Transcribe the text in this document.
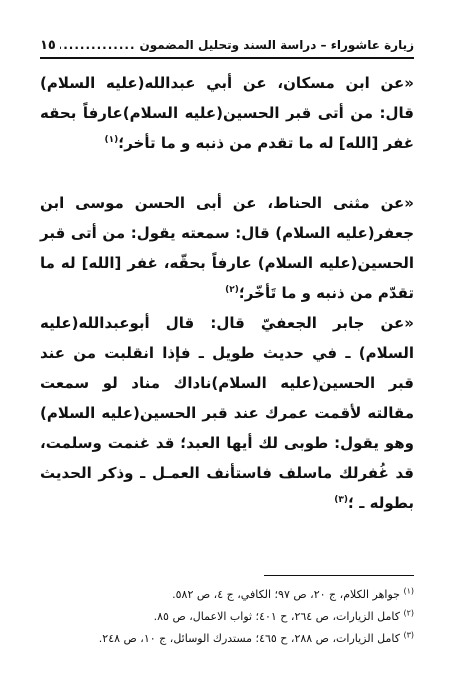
زيارة عاشوراء – دراسة السند وتحليل المضمون
.....
١٥

«عن ابن مسكان، عن أبي عبدالله(عليه السلام) قال: من أتى قبر الحسين(عليه السلام)عارفاً بحقه غفر [الله] له ما تقدم من ذنبه و ما تأخر؛$^{(١)}$

«عن مثنى الحناط، عن أبى الحسن موسى ابن جعفر(عليه السلام) قال: سمعته يقول: من أتى قبر الحسين(عليه السلام) عارفاً بحقّه، غفر [الله] له ما تقدّم من ذنبه و ما تَأخّر؛$^{(٢)}$

«عن جابر الجعفيّ قال: قال أبوعبدالله(عليه السلام) ـ في حديث طويل ـ فإذا انقلبت من عند قبر الحسين(عليه السلام)ناداك مناد لو سمعت مقالته لأقمت عمرك عند قبر الحسين(عليه السلام) وهو يقول: طوبى لك أيها العبد؛ قد غنمت وسلمت، قد غُفرلك ماسلف فاستأنف العمـل ـ وذكر الحديث بطوله ـ ؛$^{(٣)}$

$^{(١)}$ جواهر الكلام، ج ٢٠، ص ٩٧؛ الكافي، ج ٤، ص ٥٨٢.

$^{(٢)}$ كامل الزيارات، ص ٢٦٤، ح ٤٠١؛ ثواب الاعمال، ص ٨٥.

$^{(٣)}$ كامل الزيارات، ص ٢٨٨، ح ٤٦٥؛ مستدرك الوسائل، ج ١٠، ص ٢٤٨.
